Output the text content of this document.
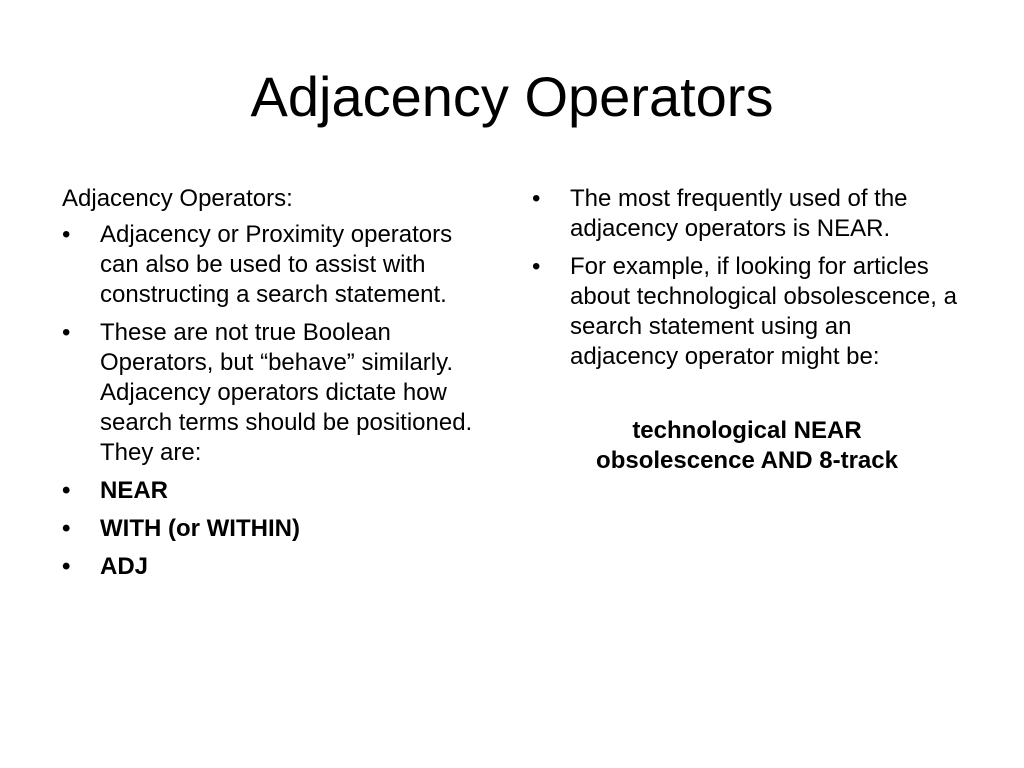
Adjacency Operators

Adjacency Operators:

• Adjacency or Proximity operators can also be used to assist with constructing a search statement.
• These are not true Boolean Operators, but “behave” similarly. Adjacency operators dictate how search terms should be positioned. They are:
• NEAR
• WITH (or WITHIN)
• ADJ
• The most frequently used of the adjacency operators is NEAR.
• For example, if looking for articles about technological obsolescence, a search statement using an adjacency operator might be:
technological NEAR
obsolescence AND 8-track
